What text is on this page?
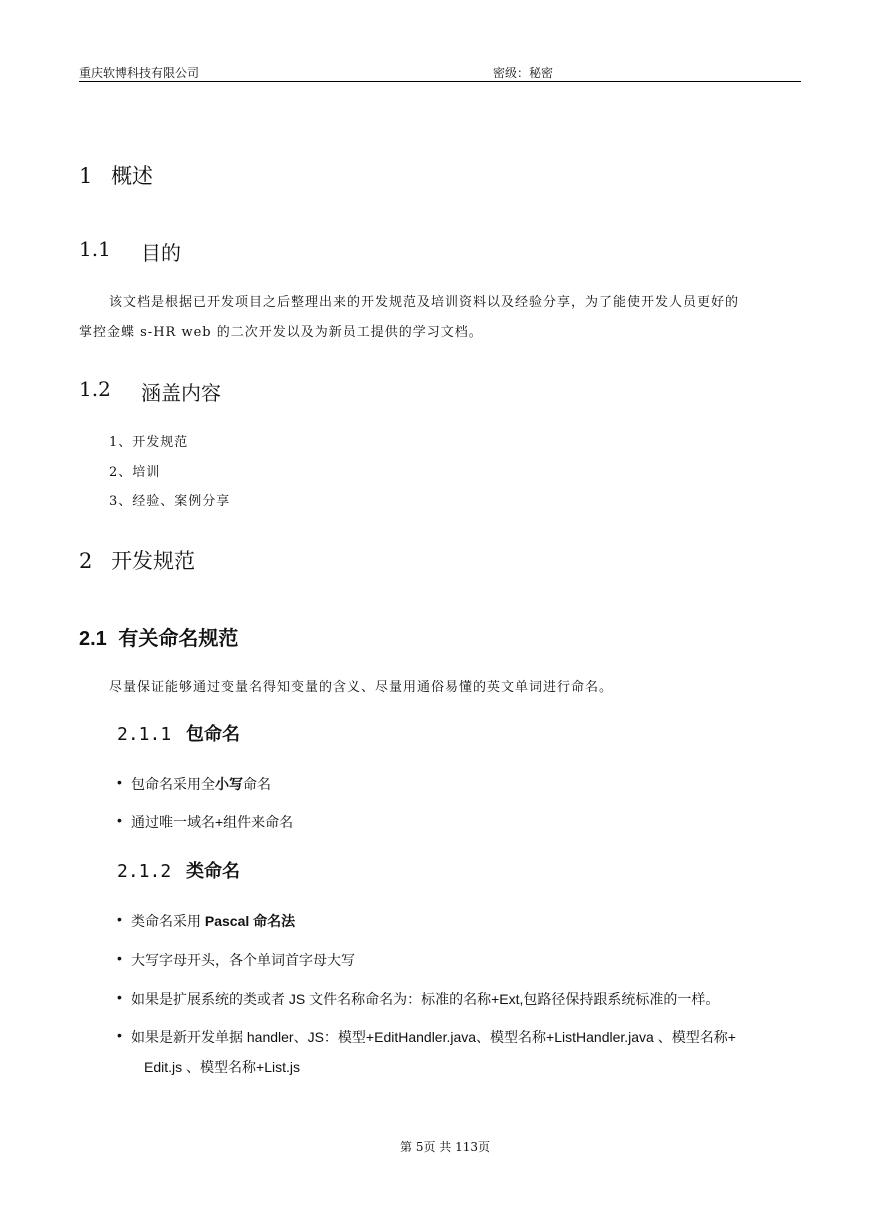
重庆软博科技有限公司	密级：秘密
1 概述
1.1 目的
该文档是根据已开发项目之后整理出来的开发规范及培训资料以及经验分享，为了能使开发人员更好的
掌控金蝶 s-HR web 的二次开发以及为新员工提供的学习文档。
1.2 涵盖内容
1、开发规范
2、培训
3、经验、案例分享
2 开发规范
2.1 有关命名规范
尽量保证能够通过变量名得知变量的含义、尽量用通俗易懂的英文单词进行命名。
2.1.1 包命名
• 包命名采用全小写命名
• 通过唯一域名+组件来命名
2.1.2 类命名
• 类命名采用 Pascal 命名法
• 大写字母开头，各个单词首字母大写
• 如果是扩展系统的类或者 JS 文件名称命名为：标准的名称+Ext,包路径保持跟系统标准的一样。
• 如果是新开发单据 handler、JS：模型+EditHandler.java、模型名称+ListHandler.java 、模型名称+
Edit.js 、模型名称+List.js
第 5页 共 113页
